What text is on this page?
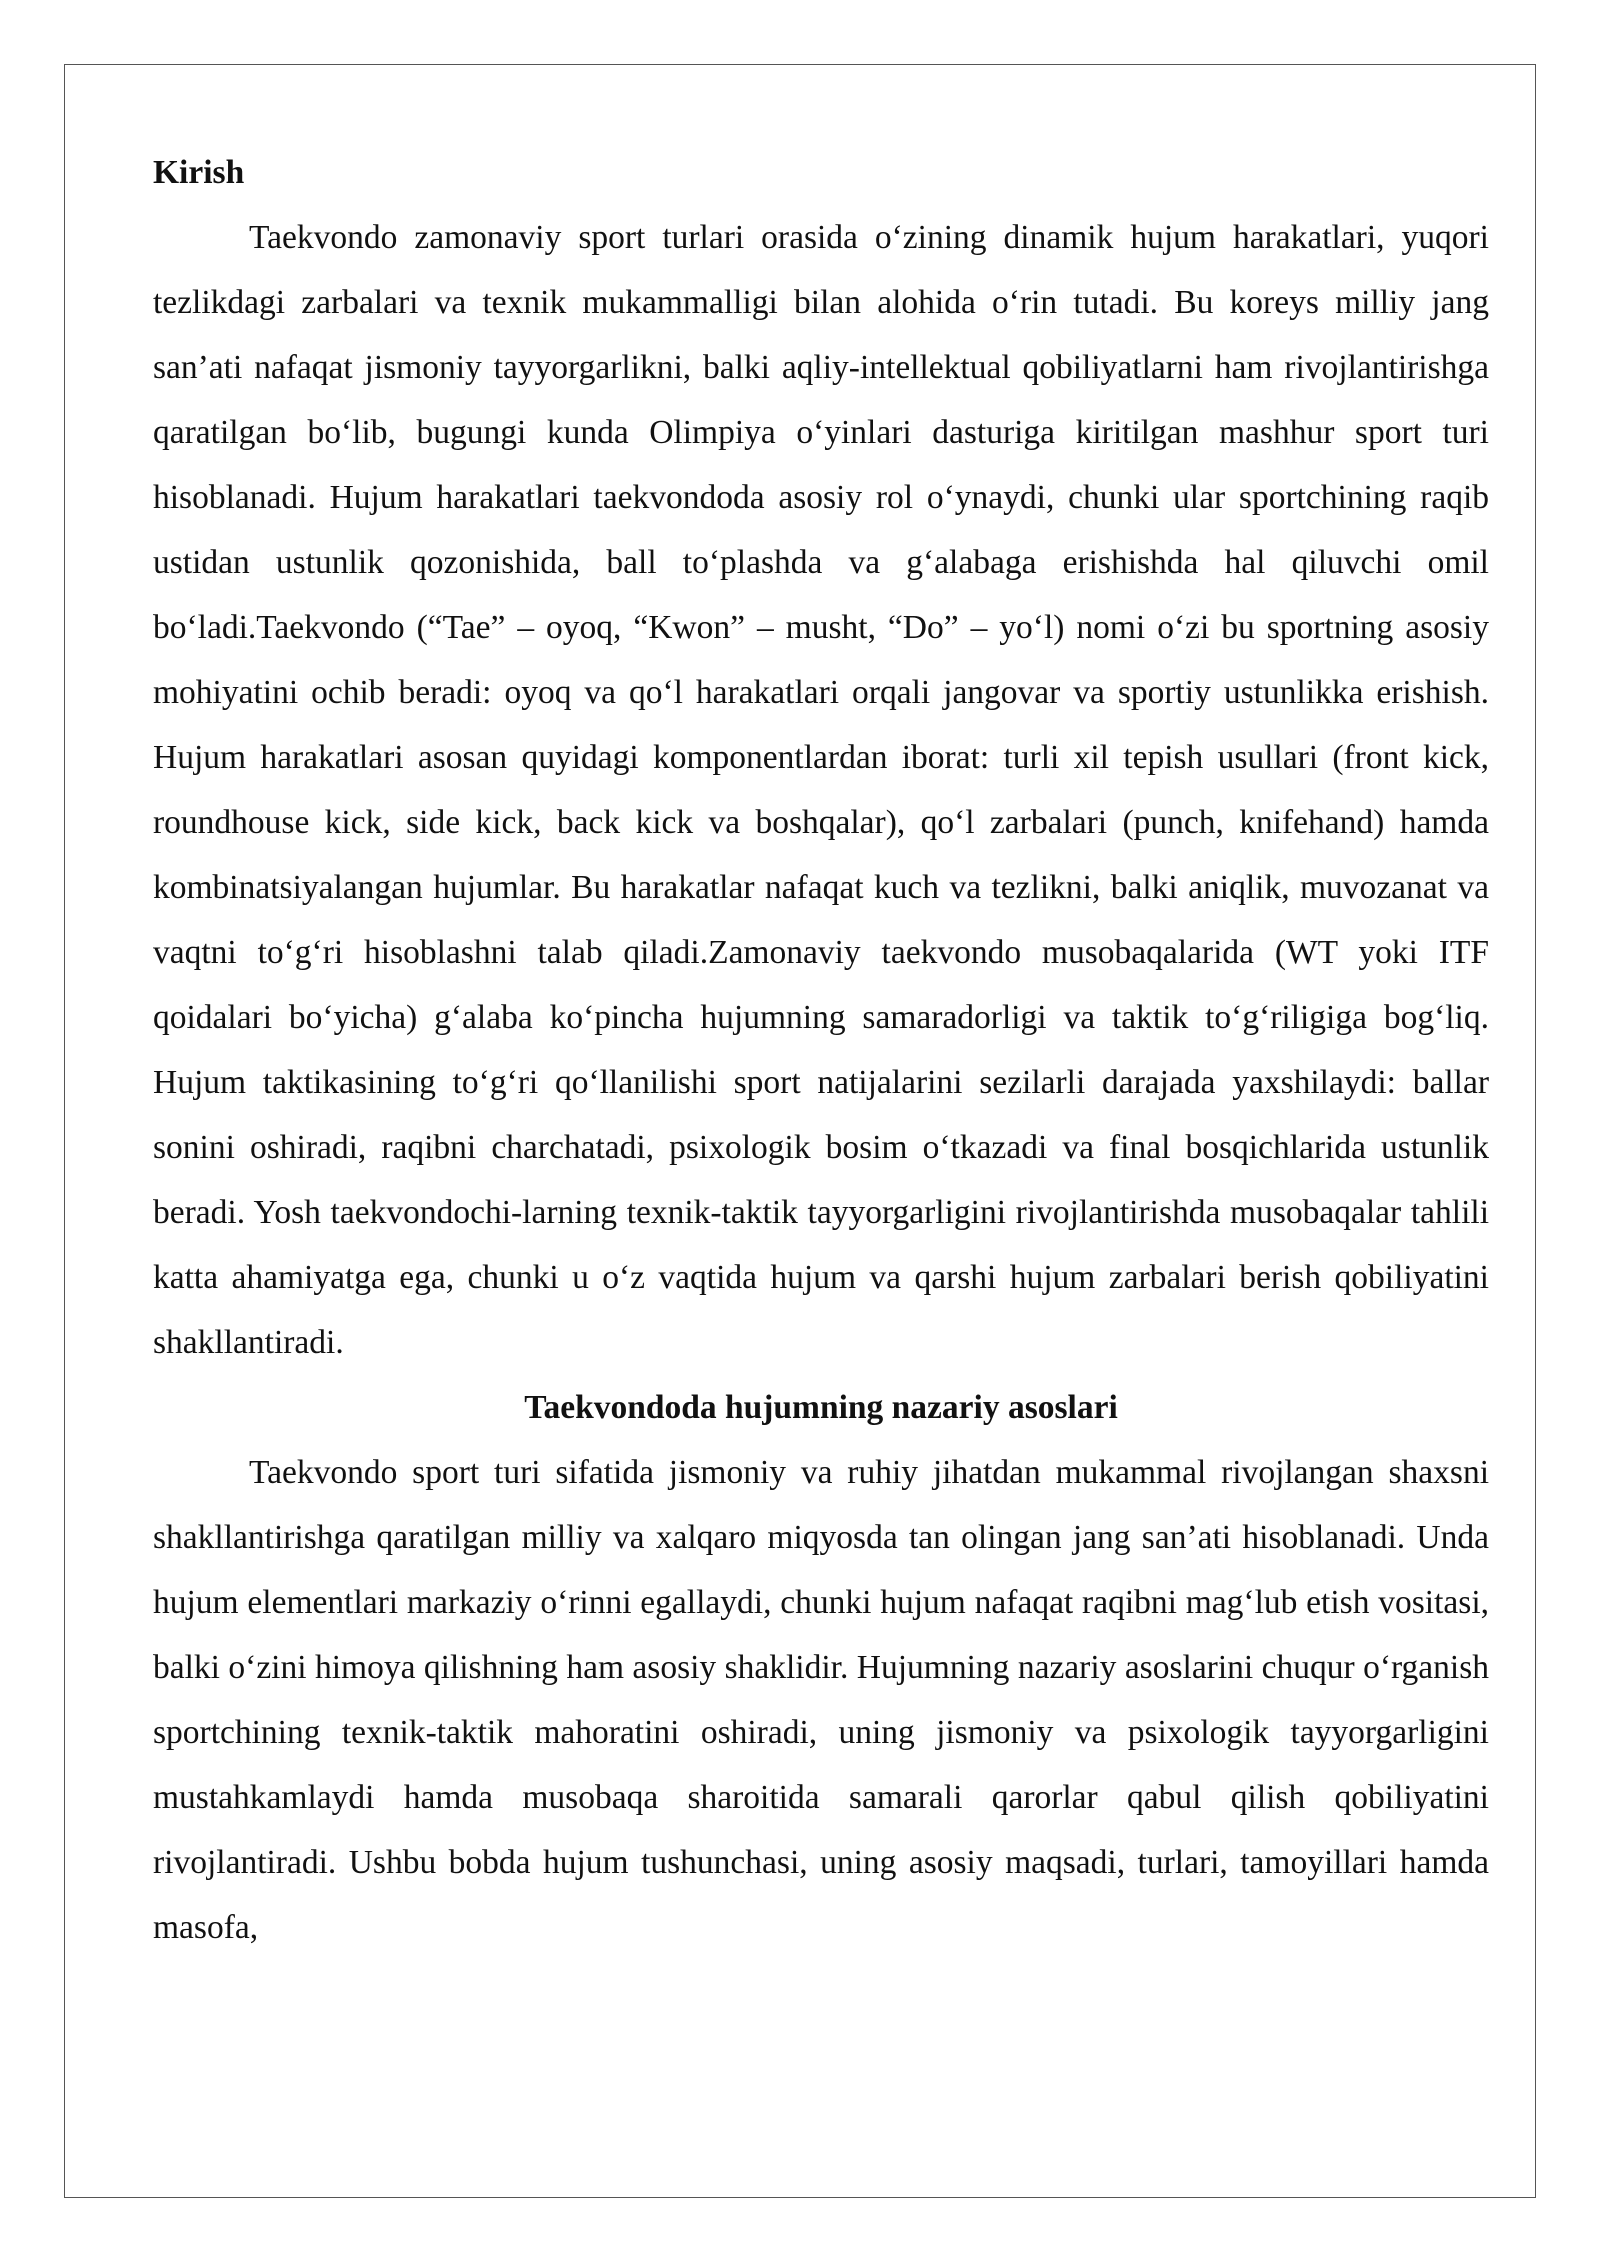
Kirish

Taekvondo zamonaviy sport turlari orasida o‘zining dinamik hujum harakatlari, yuqori tezlikdagi zarbalari va texnik mukammalligi bilan alohida o‘rin tutadi. Bu koreys milliy jang san’ati nafaqat jismoniy tayyorgarlikni, balki aqliy-intellektual qobiliyatlarni ham rivojlantirishga qaratilgan bo‘lib, bugungi kunda Olimpiya o‘yinlari dasturiga kiritilgan mashhur sport turi hisoblanadi. Hujum harakatlari taekvondoda asosiy rol o‘ynaydi, chunki ular sportchining raqib ustidan ustunlik qozonishida, ball to‘plashda va g‘alabaga erishishda hal qiluvchi omil bo‘ladi.Taekvondo (“Tae” – oyoq, “Kwon” – musht, “Do” – yo‘l) nomi o‘zi bu sportning asosiy mohiyatini ochib beradi: oyoq va qo‘l harakatlari orqali jangovar va sportiy ustunlikka erishish. Hujum harakatlari asosan quyidagi komponentlardan iborat: turli xil tepish usullari (front kick, roundhouse kick, side kick, back kick va boshqalar), qo‘l zarbalari (punch, knifehand) hamda kombinatsiyalangan hujumlar. Bu harakatlar nafaqat kuch va tezlikni, balki aniqlik, muvozanat va vaqtni to‘g‘ri hisoblashni talab qiladi.Zamonaviy taekvondo musobaqalarida (WT yoki ITF qoidalari bo‘yicha) g‘alaba ko‘pincha hujumning samaradorligi va taktik to‘g‘riligiga bog‘liq. Hujum taktikasining to‘g‘ri qo‘llanilishi sport natijalarini sezilarli darajada yaxshilaydi: ballar sonini oshiradi, raqibni charchatadi, psixologik bosim o‘tkazadi va final bosqichlarida ustunlik beradi. Yosh taekvondochi-larning texnik-taktik tayyorgarligini rivojlantirishda musobaqalar tahlili katta ahamiyatga ega, chunki u o‘z vaqtida hujum va qarshi hujum zarbalari berish qobiliyatini shakllantiradi.

Taekvondoda hujumning nazariy asoslari

Taekvondo sport turi sifatida jismoniy va ruhiy jihatdan mukammal rivojlangan shaxsni shakllantirishga qaratilgan milliy va xalqaro miqyosda tan olingan jang san’ati hisoblanadi. Unda hujum elementlari markaziy o‘rinni egallaydi, chunki hujum nafaqat raqibni mag‘lub etish vositasi, balki o‘zini himoya qilishning ham asosiy shaklidir. Hujumning nazariy asoslarini chuqur o‘rganish sportchining texnik-taktik mahoratini oshiradi, uning jismoniy va psixologik tayyorgarligini mustahkamlaydi hamda musobaqa sharoitida samarali qarorlar qabul qilish qobiliyatini rivojlantiradi. Ushbu bobda hujum tushunchasi, uning asosiy maqsadi, turlari, tamoyillari hamda masofa,
